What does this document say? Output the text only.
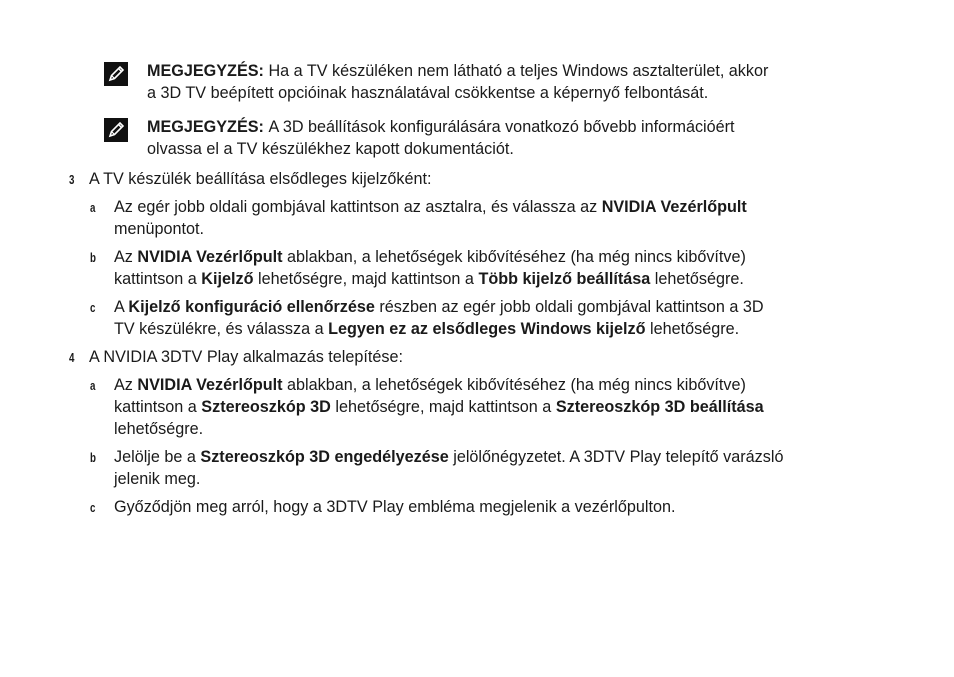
MEGJEGYZÉS: Ha a TV készüléken nem látható a teljes Windows asztalterület, akkor
a 3D TV beépített opcióinak használatával csökkentse a képernyő felbontását.
MEGJEGYZÉS: A 3D beállítások konfigurálására vonatkozó bővebb információért
olvassa el a TV készülékhez kapott dokumentációt.
3 A TV készülék beállítása elsődleges kijelzőként:
a Az egér jobb oldali gombjával kattintson az asztalra, és válassza az NVIDIA Vezérlőpult
menüpontot.
b Az NVIDIA Vezérlőpult ablakban, a lehetőségek kibővítéséhez (ha még nincs kibővítve)
kattintson a Kijelző lehetőségre, majd kattintson a Több kijelző beállítása lehetőségre.
c A Kijelző konfiguráció ellenőrzése részben az egér jobb oldali gombjával kattintson a 3D
TV készülékre, és válassza a Legyen ez az elsődleges Windows kijelző lehetőségre.
4 A NVIDIA 3DTV Play alkalmazás telepítése:
a Az NVIDIA Vezérlőpult ablakban, a lehetőségek kibővítéséhez (ha még nincs kibővítve)
kattintson a Sztereoszkóp 3D lehetőségre, majd kattintson a Sztereoszkóp 3D beállítása
lehetőségre.
b Jelölje be a Sztereoszkóp 3D engedélyezése jelölőnégyzetet. A 3DTV Play telepítő varázsló
jelenik meg.
c Győződjön meg arról, hogy a 3DTV Play embléma megjelenik a vezérlőpulton.
